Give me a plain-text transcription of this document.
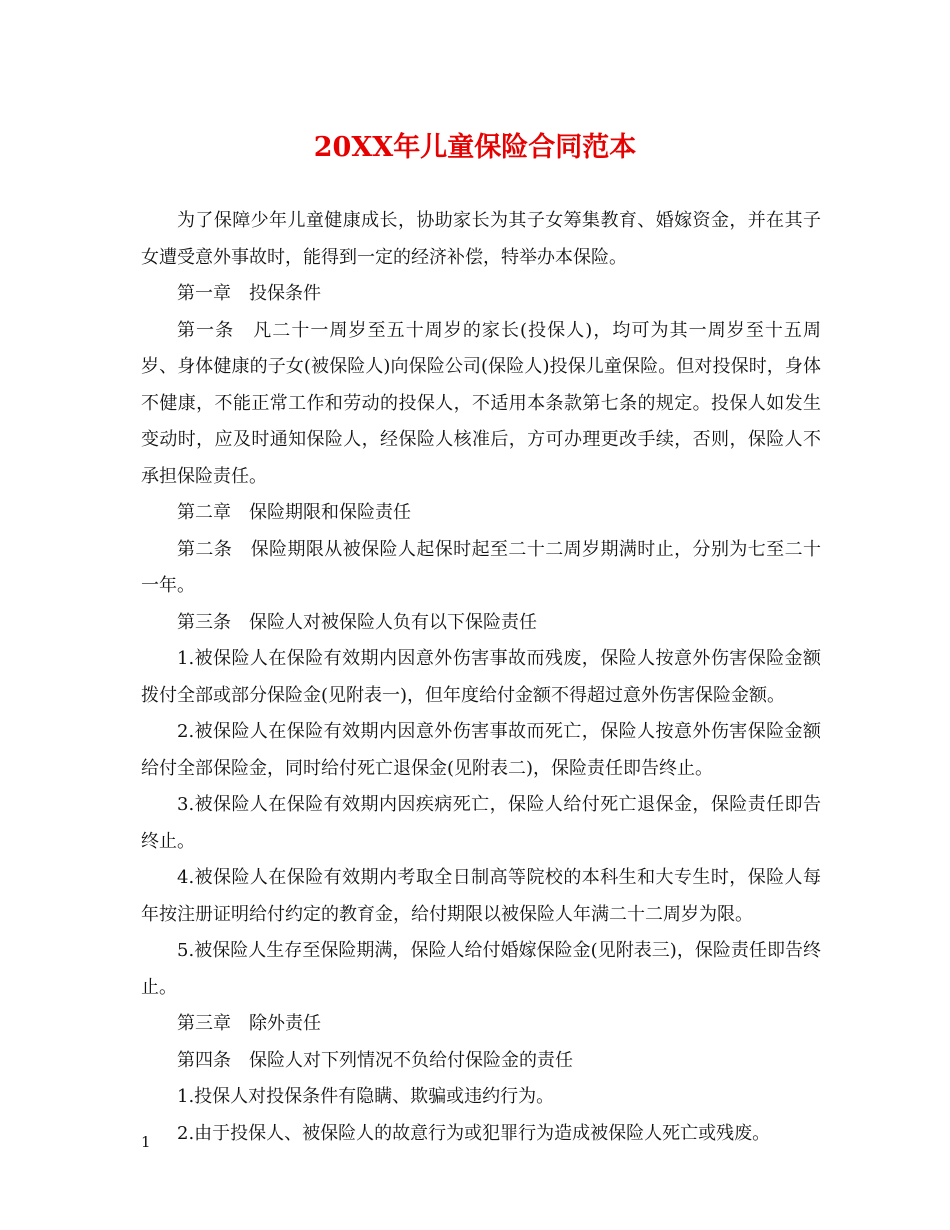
20XX年儿童保险合同范本

为了保障少年儿童健康成长，协助家长为其子女筹集教育、婚嫁资金，并在其子女遭受意外事故时，能得到一定的经济补偿，特举办本保险。

第一章　投保条件

第一条　凡二十一周岁至五十周岁的家长(投保人)，均可为其一周岁至十五周岁、身体健康的子女(被保险人)向保险公司(保险人)投保儿童保险。但对投保时，身体不健康，不能正常工作和劳动的投保人，不适用本条款第七条的规定。投保人如发生变动时，应及时通知保险人，经保险人核准后，方可办理更改手续，否则，保险人不承担保险责任。

第二章　保险期限和保险责任

第二条　保险期限从被保险人起保时起至二十二周岁期满时止，分别为七至二十一年。

第三条　保险人对被保险人负有以下保险责任

1.被保险人在保险有效期内因意外伤害事故而残废，保险人按意外伤害保险金额拨付全部或部分保险金(见附表一)，但年度给付金额不得超过意外伤害保险金额。

2.被保险人在保险有效期内因意外伤害事故而死亡，保险人按意外伤害保险金额给付全部保险金，同时给付死亡退保金(见附表二)，保险责任即告终止。

3.被保险人在保险有效期内因疾病死亡，保险人给付死亡退保金，保险责任即告终止。

4.被保险人在保险有效期内考取全日制高等院校的本科生和大专生时，保险人每年按注册证明给付约定的教育金，给付期限以被保险人年满二十二周岁为限。

5.被保险人生存至保险期满，保险人给付婚嫁保险金(见附表三)，保险责任即告终止。

第三章　除外责任

第四条　保险人对下列情况不负给付保险金的责任

1.投保人对投保条件有隐瞒、欺骗或违约行为。

2.由于投保人、被保险人的故意行为或犯罪行为造成被保险人死亡或残废。

1
